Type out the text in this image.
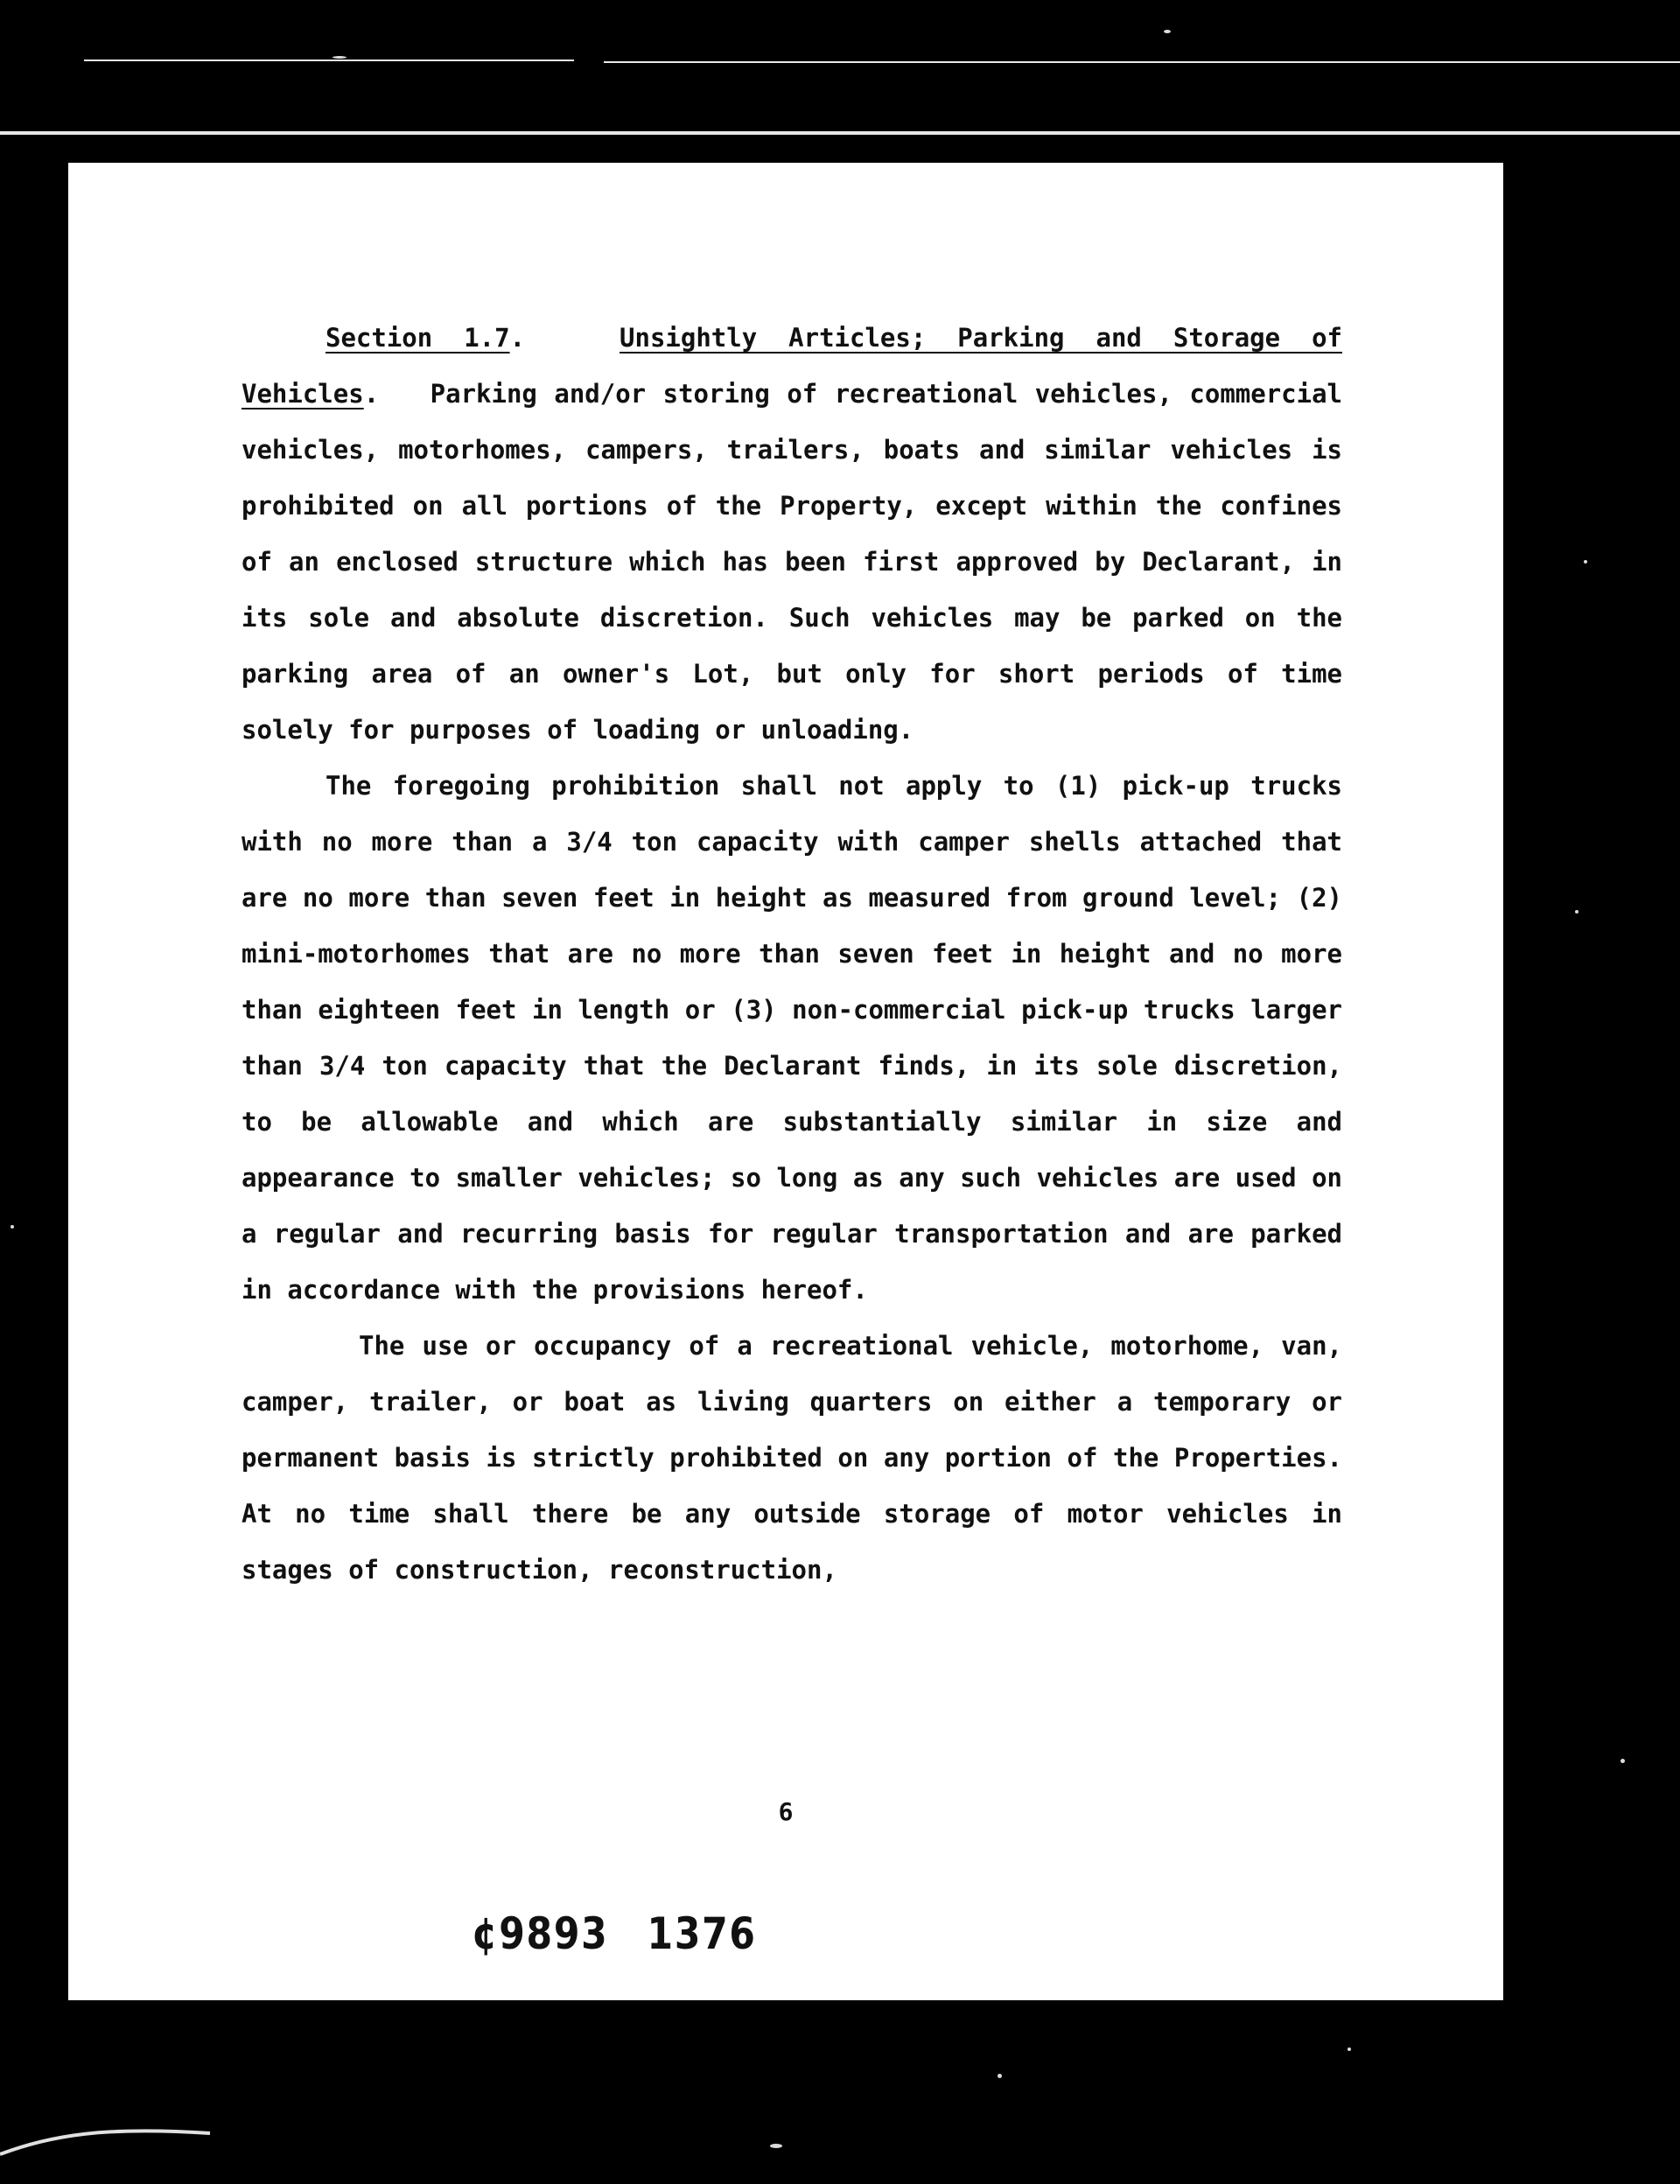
Section 1.7.   Unsightly Articles; Parking and Storage of Vehicles.   Parking and/or storing of recreational vehicles, commercial vehicles, motorhomes, campers, trailers, boats and similar vehicles is prohibited on all portions of the Property, except within the confines of an enclosed structure which has been first approved by Declarant, in its sole and absolute discretion. Such vehicles may be parked on the parking area of an owner's Lot, but only for short periods of time solely for purposes of loading or unloading.

The foregoing prohibition shall not apply to (1) pick-up trucks with no more than a 3/4 ton capacity with camper shells attached that are no more than seven feet in height as measured from ground level; (2) mini-motorhomes that are no more than seven feet in height and no more than eighteen feet in length or (3) non-commercial pick-up trucks larger than 3/4 ton capacity that the Declarant finds, in its sole discretion, to be allowable and which are substantially similar in size and appearance to smaller vehicles; so long as any such vehicles are used on a regular and recurring basis for regular transportation and are parked in accordance with the provisions hereof.

The use or occupancy of a recreational vehicle, motorhome, van, camper, trailer, or boat as living quarters on either a temporary or permanent basis is strictly prohibited on any portion of the Properties. At no time shall there be any outside storage of motor vehicles in stages of construction, reconstruction,

6
¢9893 1376
